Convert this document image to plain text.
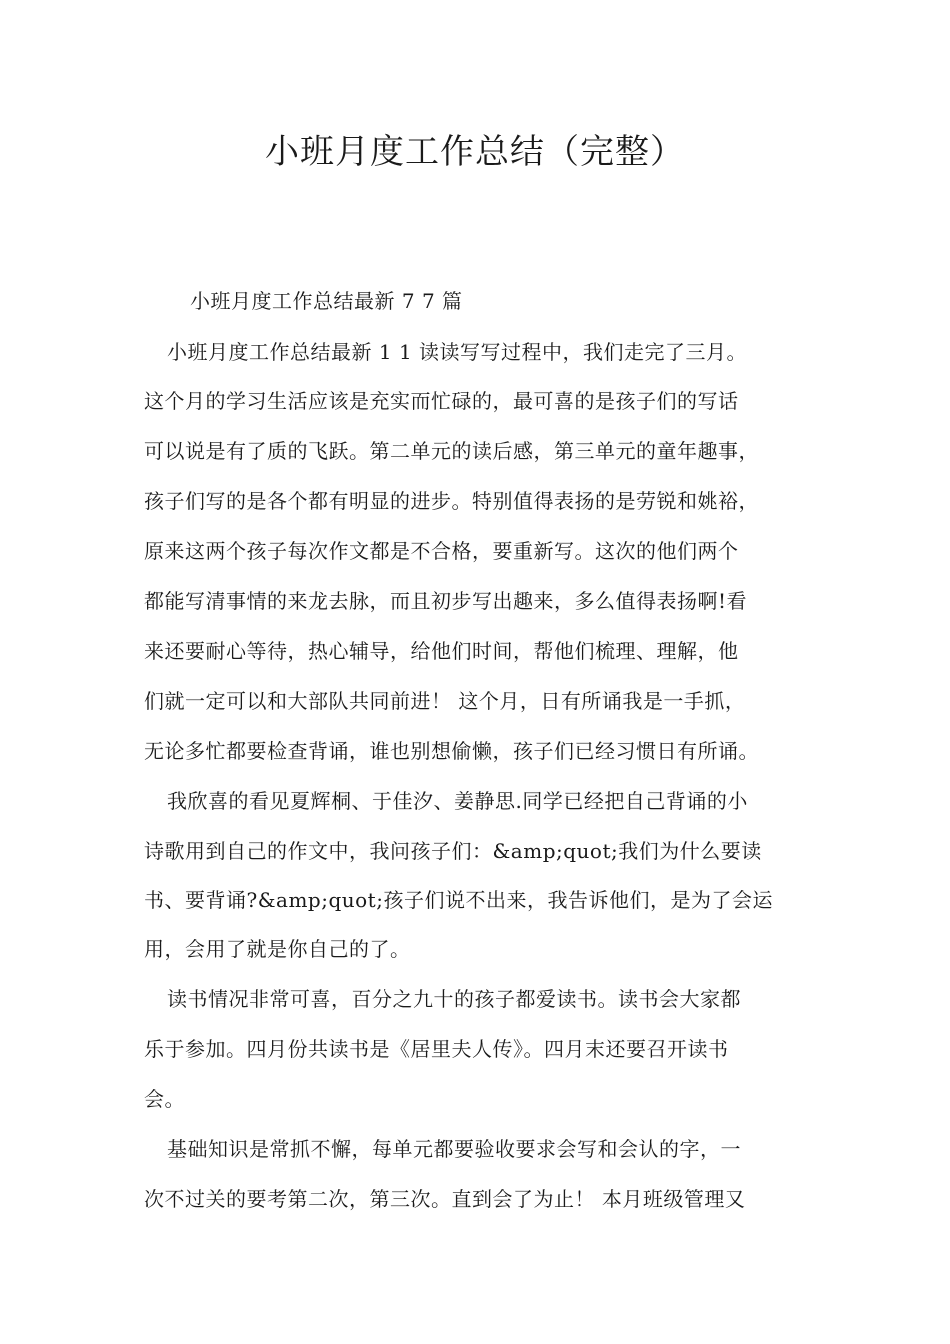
小班月度工作总结（完整）
小班月度工作总结最新 7 7 篇
小班月度工作总结最新 1 1 读读写写过程中，我们走完了三月。
这个月的学习生活应该是充实而忙碌的，最可喜的是孩子们的写话
可以说是有了质的飞跃。第二单元的读后感，第三单元的童年趣事，
孩子们写的是各个都有明显的进步。特别值得表扬的是劳锐和姚裕，
原来这两个孩子每次作文都是不合格，要重新写。这次的他们两个
都能写清事情的来龙去脉，而且初步写出趣来，多么值得表扬啊!看
来还要耐心等待，热心辅导，给他们时间，帮他们梳理、理解，他
们就一定可以和大部队共同前进！ 这个月，日有所诵我是一手抓，
无论多忙都要检查背诵，谁也别想偷懒，孩子们已经习惯日有所诵。
我欣喜的看见夏辉桐、于佳汐、姜静思.同学已经把自己背诵的小
诗歌用到自己的作文中，我问孩子们：&amp;quot;我们为什么要读
书、要背诵?&amp;quot;孩子们说不出来，我告诉他们，是为了会运
用，会用了就是你自己的了。
读书情况非常可喜，百分之九十的孩子都爱读书。读书会大家都
乐于参加。四月份共读书是《居里夫人传》。四月末还要召开读书
会。
基础知识是常抓不懈，每单元都要验收要求会写和会认的字，一
次不过关的要考第二次，第三次。直到会了为止！ 本月班级管理又
